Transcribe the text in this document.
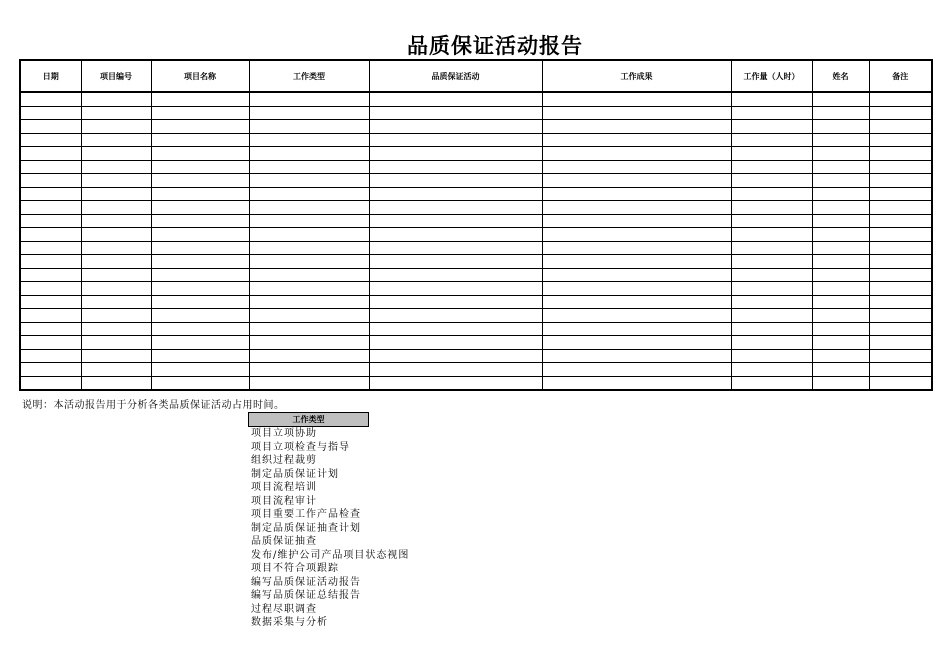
品质保证活动报告
日期	项目编号	项目名称	工作类型	品质保证活动	工作成果	工作量（人时）	姓名	备注

说明：本活动报告用于分析各类品质保证活动占用时间。
工作类型
项目立项协助
项目立项检查与指导
组织过程裁剪
制定品质保证计划
项目流程培训
项目流程审计
项目重要工作产品检查
制定品质保证抽查计划
品质保证抽查
发布/维护公司产品项目状态视图
项目不符合项跟踪
编写品质保证活动报告
编写品质保证总结报告
过程尽职调查
数据采集与分析
